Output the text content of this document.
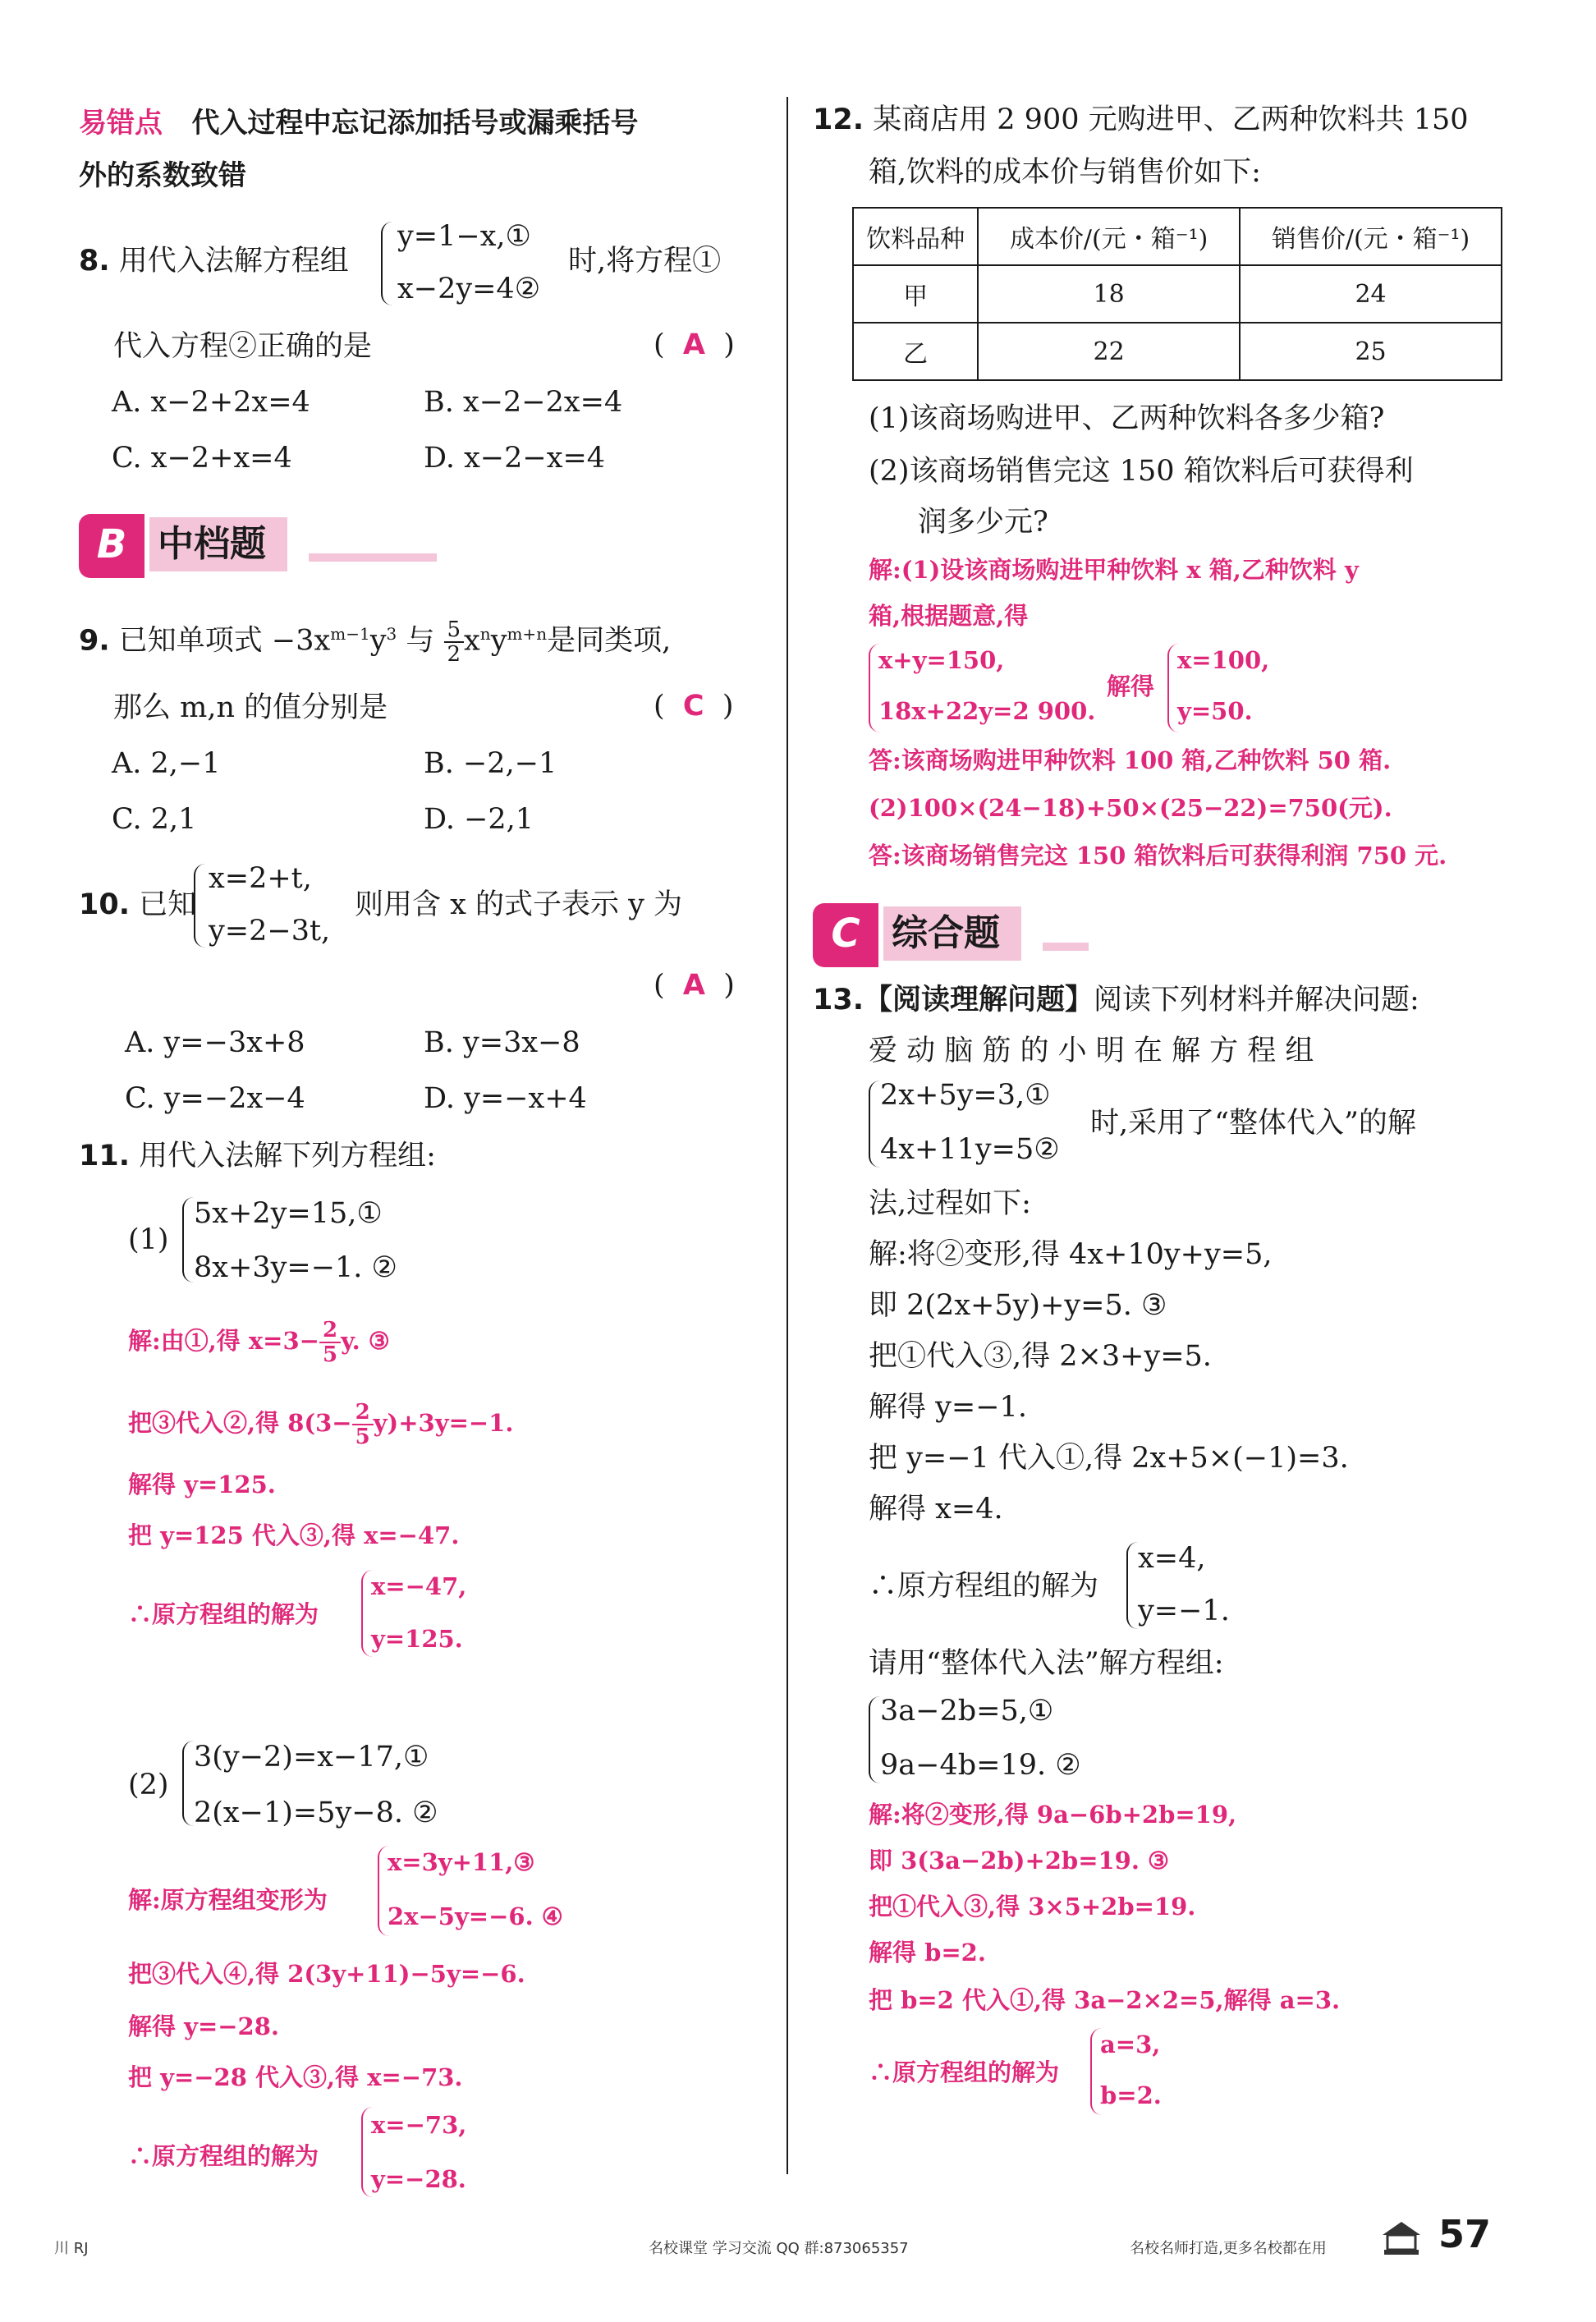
易错点 代入过程中忘记添加括号或漏乘括号
外的系数致错
8. 用代入法解方程组
y=1−x,①
x−2y=4②
时,将方程①
代入方程②正确的是	(  A  )
A. x−2+2x=4	B. x−2−2x=4
C. x−2+x=4	D. x−2−x=4
B 中档题
9. 已知单项式 $-3x^{m-1}y^3$ 与 $\frac{5}{2} x^ny^{m+n}$是同类项,
那么 m,n 的值分别是	(  C  )
A. 2,−1	B. −2,−1
C. 2,1	D. −2,1
10. 已知
x=2+t,
y=2−3t,
则用含 x 的式子表示 y 为
(  A  )
A. y=−3x+8	B. y=3x−8
C. y=−2x−4	D. y=−x+4
11. 用代入法解下列方程组:
(1)
5x+2y=15,①
8x+3y=−1. ②
解:由①,得 $x=3- \frac{2}{5} y$. ③
把③代入②,得 $8(3- \frac{2}{5} y)+3y=-1$.
解得 y=125.
把 y=125 代入③,得 x=−47.
∴原方程组的解为
x=−47,
y=125.
(2)
3(y−2)=x−17,①
2(x−1)=5y−8. ②
解:原方程组变形为
x=3y+11,③
2x−5y=−6. ④
把③代入④,得 2(3y+11)−5y=−6.
解得 y=−28.
把 y=−28 代入③,得 x=−73.
∴原方程组的解为
x=−73,
y=−28.
12. 某商店用 2 900 元购进甲、乙两种饮料共 150
箱,饮料的成本价与销售价如下:
饮料品种	成本价/(元・箱⁻¹)	销售价/(元・箱⁻¹)
甲	18	24
乙	22	25
(1)该商场购进甲、乙两种饮料各多少箱?
(2)该商场销售完这 150 箱饮料后可获得利
润多少元?
解:(1)设该商场购进甲种饮料 x 箱,乙种饮料 y
箱,根据题意,得
x+y=150,
18x+22y=2 900.
解得
x=100,
y=50.
答:该商场购进甲种饮料 100 箱,乙种饮料 50 箱.
(2)100×(24−18)+50×(25−22)=750(元).
答:该商场销售完这 150 箱饮料后可获得利润 750 元.
C 综合题
13.【阅读理解问题】阅读下列材料并解决问题:
爱 动 脑 筋 的 小 明 在 解 方 程 组
2x+5y=3,①
4x+11y=5②
时,采用了“整体代入”的解
法,过程如下:
解:将②变形,得 4x+10y+y=5,
即 2(2x+5y)+y=5. ③
把①代入③,得 2×3+y=5.
解得 y=−1.
把 y=−1 代入①,得 2x+5×(−1)=3.
解得 x=4.
∴原方程组的解为
x=4,
y=−1.
请用“整体代入法”解方程组:
3a−2b=5,①
9a−4b=19. ②
解:将②变形,得 9a−6b+2b=19,
即 3(3a−2b)+2b=19. ③
把①代入③,得 3×5+2b=19.
解得 b=2.
把 b=2 代入①,得 3a−2×2=5,解得 a=3.
∴原方程组的解为
a=3,
b=2.
川 RJ	名校课堂 学习交流 QQ 群:873065357	名校名师打造,更多名校都在用	57
